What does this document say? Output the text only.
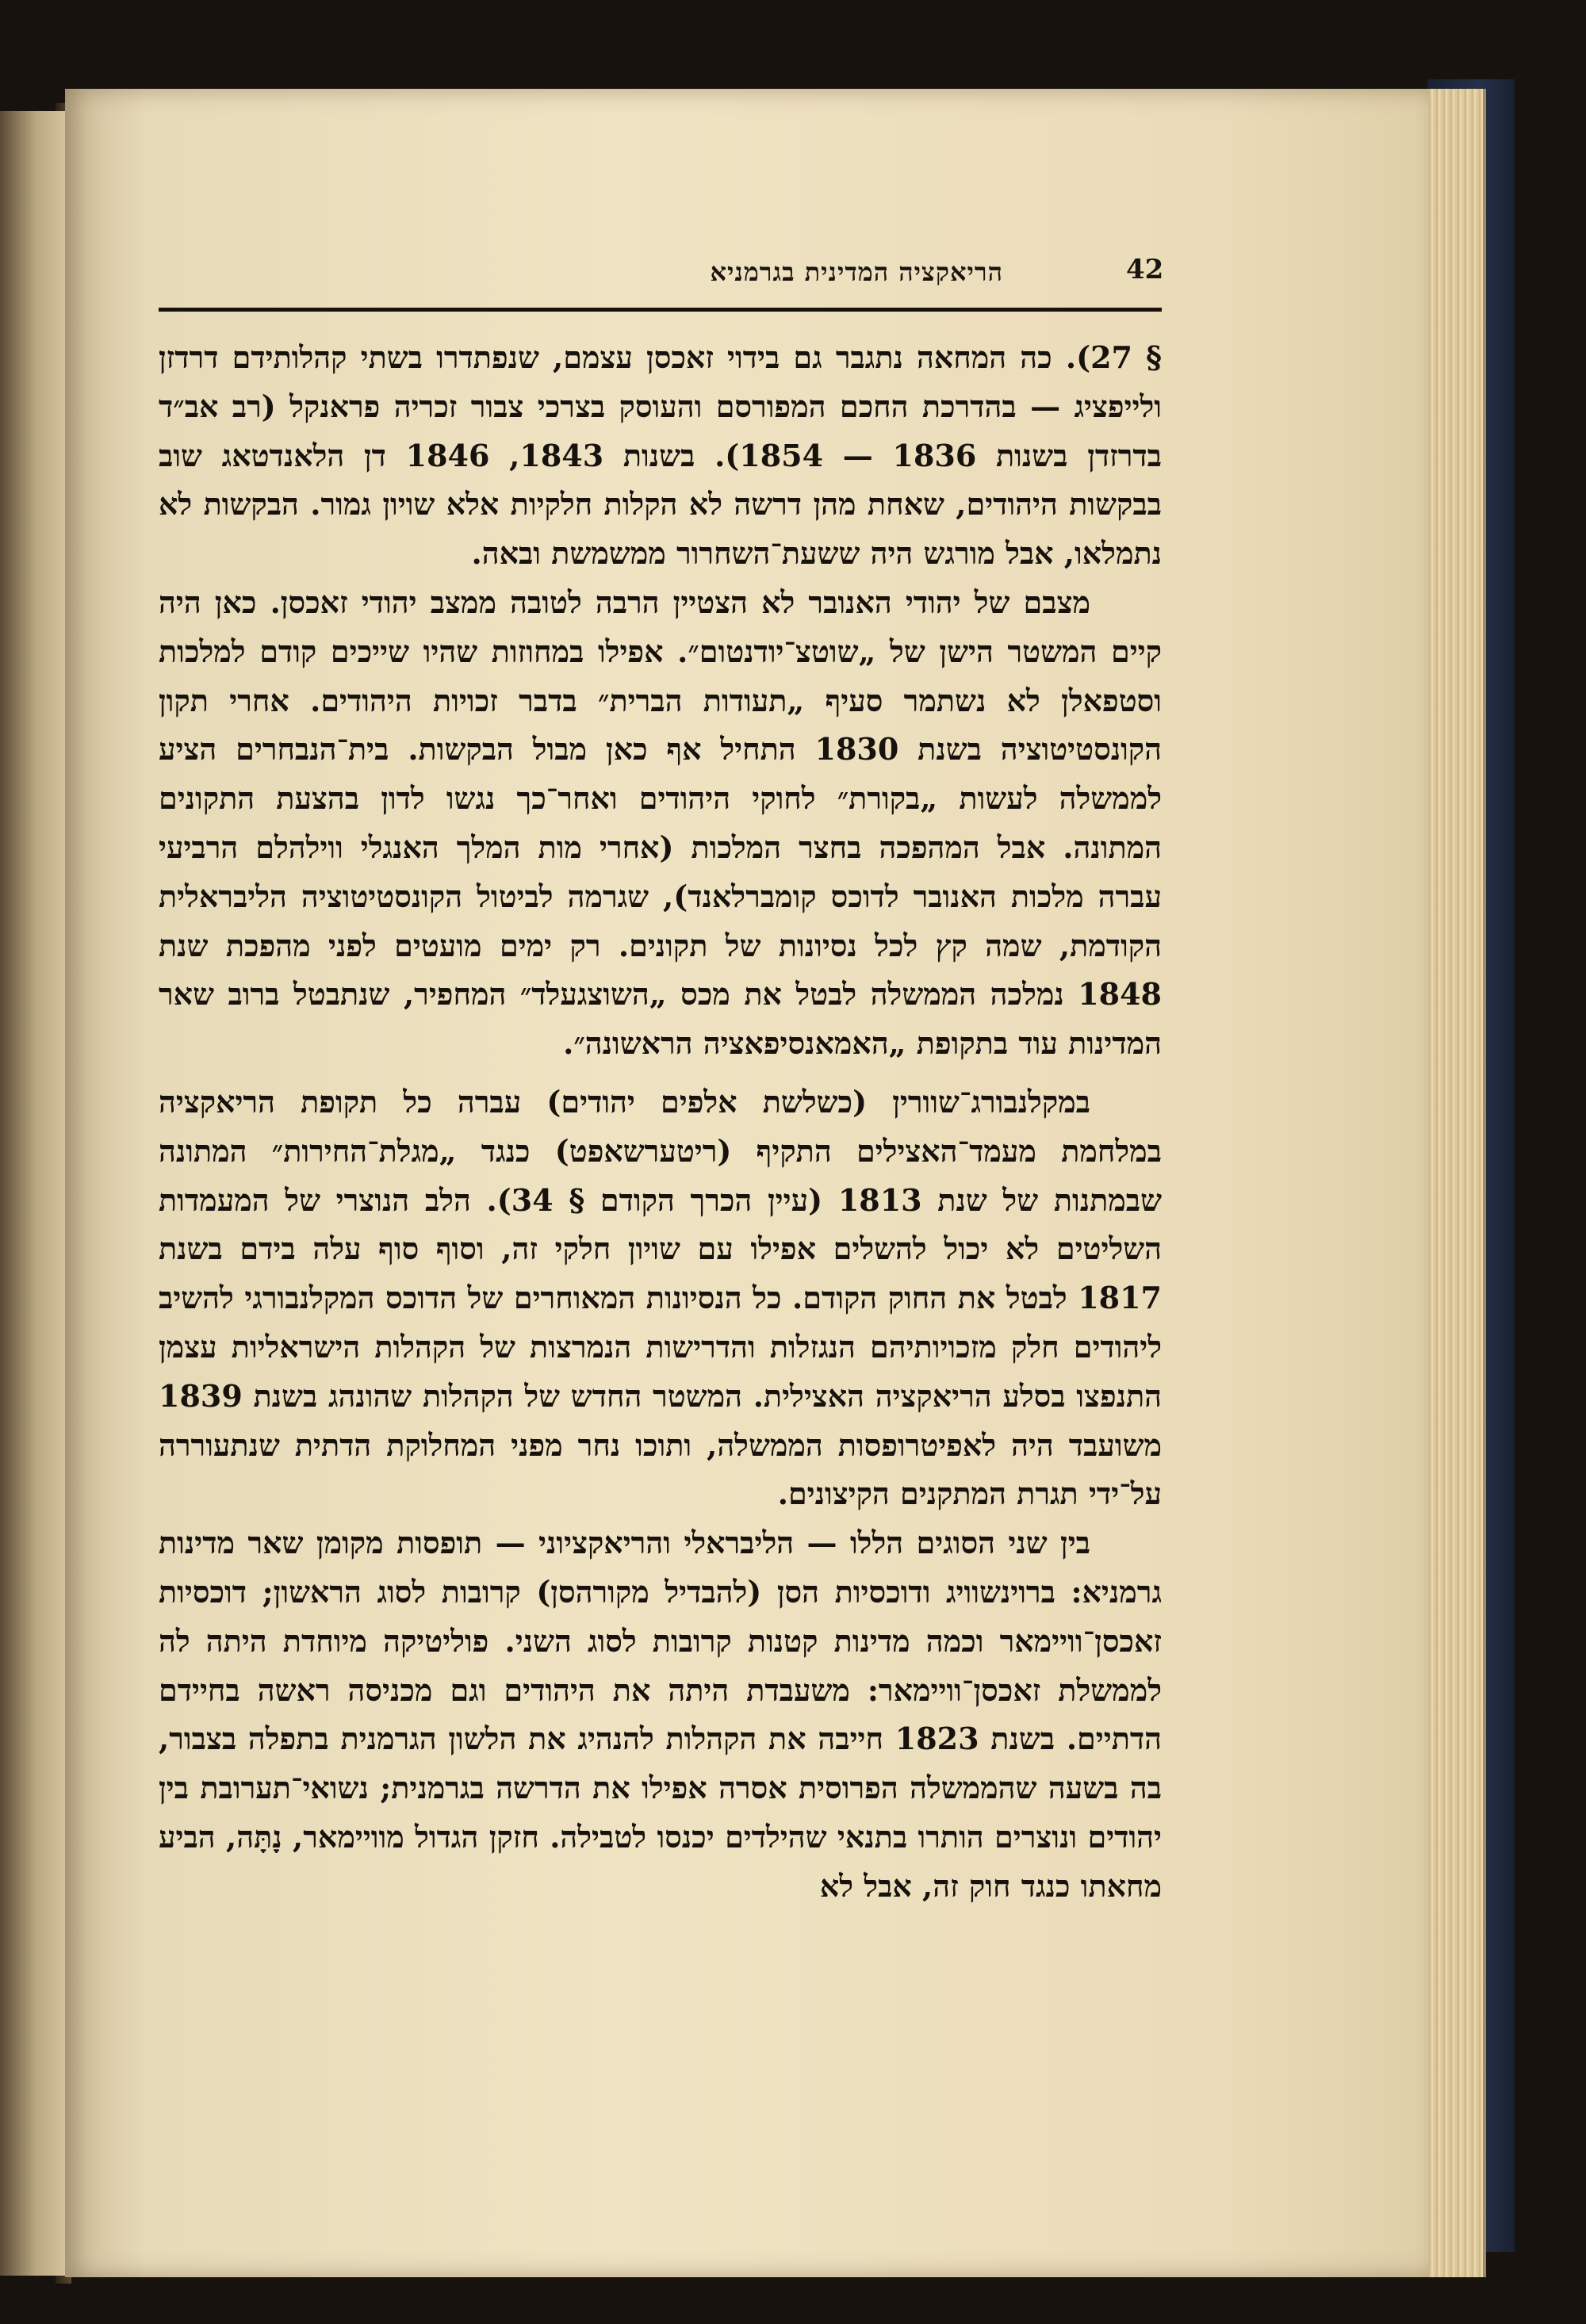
42
הריאקציה המדינית בגרמניא

§ 27). כה המחאה נתגבר גם בידוי זאכסן עצמם, שנפתדרו בשתי קהלותידם דרדזן ולייפציג — בהדרכת החכם המפורסם והעוסק בצרכי צבור זכריה פראנקל (רב אב״ד בדרזדן בשנות 1836 — 1854). בשנות 1843, 1846 דן הלאנדטאג שוב בבקשות היהודים, שאחת מהן דרשה לא הקלות חלקיות אלא שויון גמור. הבקשות לא נתמלאו, אבל מורגש היה ששעת־השחרור ממשמשת ובאה.

מצבם של יהודי האנובר לא הצטיין הרבה לטובה ממצב יהודי זאכסן. כאן היה קיים המשטר הישן של „שוטצ־יודנטום״. אפילו במחוזות שהיו שייכים קודם למלכות וסטפאלן לא נשתמר סעיף „תעודות הברית״ בדבר זכויות היהודים. אחרי תקון הקונסטיטוציה בשנת 1830 התחיל אף כאן מבול הבקשות. בית־הנבחרים הציע לממשלה לעשות „בקורת״ לחוקי היהודים ואחר־כך נגשו לדון בהצעת התקונים המתונה. אבל המהפכה בחצר המלכות (אחרי מות המלך האנגלי ווילהלם הרביעי עברה מלכות האנובר לדוכס קומברלאנד), שגרמה לביטול הקונסטיטוציה הליבראלית הקודמת, שמה קץ לכל נסיונות של תקונים. רק ימים מועטים לפני מהפכת שנת 1848 נמלכה הממשלה לבטל את מכס „השוצגעלד״ המחפיר, שנתבטל ברוב שאר המדינות עוד בתקופת „האמאנסיפאציה הראשונה״.

במקלנבורג־שוורין (כשלשת אלפים יהודים) עברה כל תקופת הריאקציה במלחמת מעמד־האצילים התקיף (ריטערשאפט) כנגד „מגלת־החירות״ המתונה שבמתנות של שנת 1813 (עיין הכרך הקודם § 34). הלב הנוצרי של המעמדות השליטים לא יכול להשלים אפילו עם שויון חלקי זה, וסוף סוף עלה בידם בשנת 1817 לבטל את החוק הקודם. כל הנסיונות המאוחרים של הדוכס המקלנבורגי להשיב ליהודים חלק מזכויותיהם הנגזלות והדרישות הנמרצות של הקהלות הישראליות עצמן התנפצו בסלע הריאקציה האצילית. המשטר החדש של הקהלות שהונהג בשנת 1839 משועבד היה לאפיטרופסות הממשלה, ותוכו נחר מפני המחלוקת הדתית שנתעוררה על־ידי תגרת המתקנים הקיצונים.

בין שני הסוגים הללו — הליבראלי והריאקציוני — תופסות מקומן שאר מדינות גרמניא: ברוינשוויג ודוכסיות הסן (להבדיל מקורהסן) קרובות לסוג הראשון; דוכסיות זאכסן־וויימאר וכמה מדינות קטנות קרובות לסוג השני. פוליטיקה מיוחדת היתה לה לממשלת זאכסן־וויימאר: משעבדת היתה את היהודים וגם מכניסה ראשה בחיידם הדתיים. בשנת 1823 חייבה את הקהלות להנהיג את הלשון הגרמנית בתפלה בצבור, בה בשעה שהממשלה הפרוסית אסרה אפילו את הדרשה בגרמנית; נשואי־תערובת בין יהודים ונוצרים הותרו בתנאי שהילדים יכנסו לטבילה. חזקן הגדול מוויימאר, נָתָּה, הביע מחאתו כנגד חוק זה, אבל לא
